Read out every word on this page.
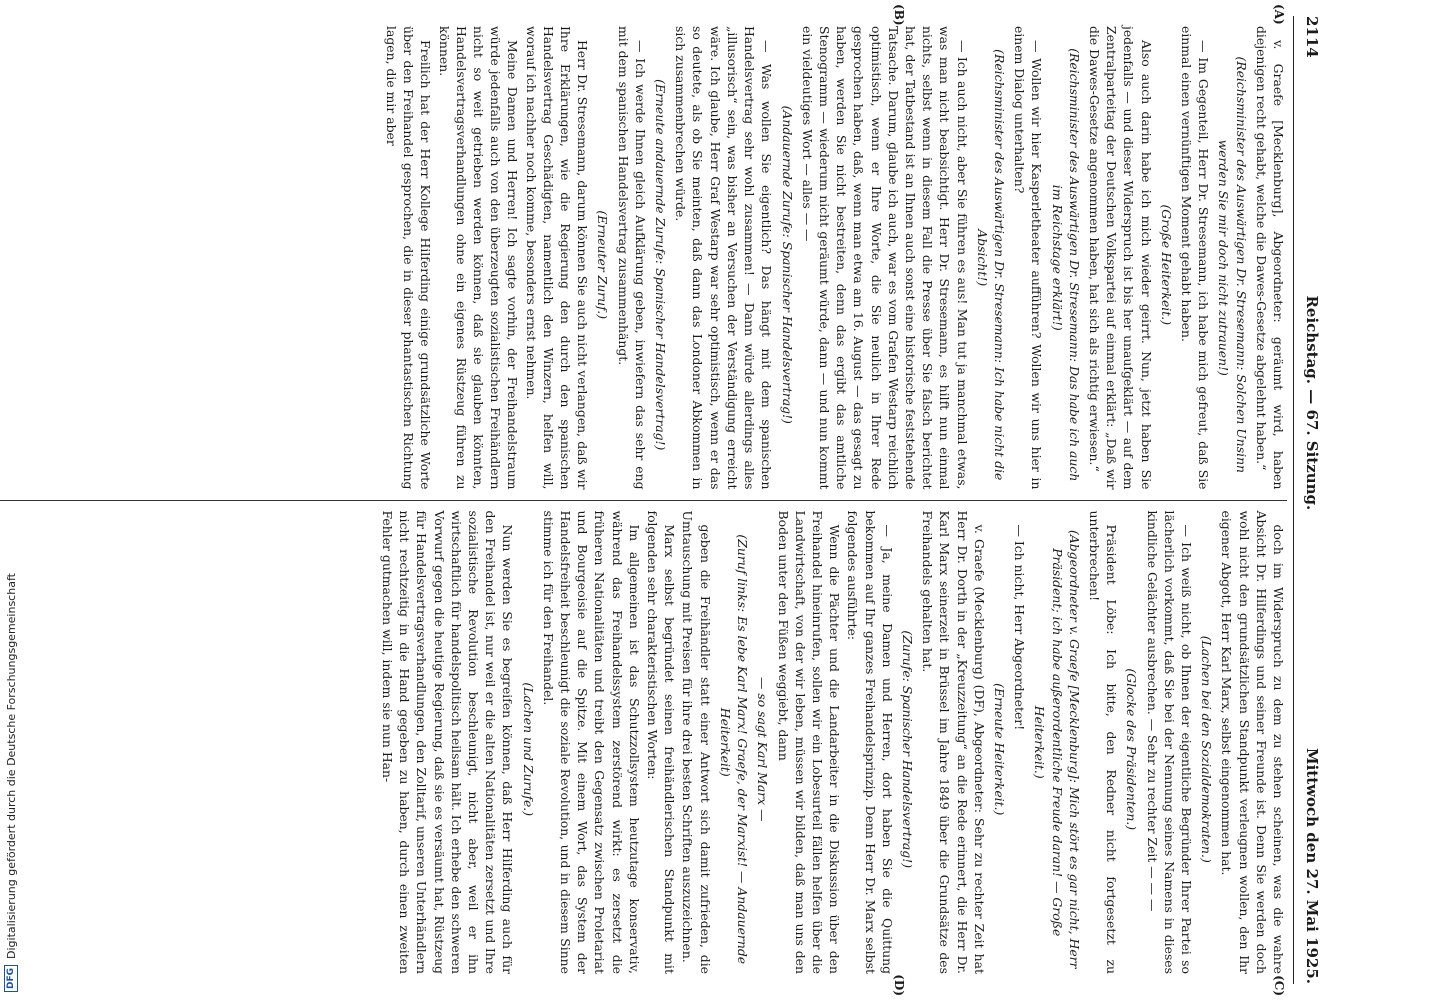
DFG
Digitalisierung gefördert durch die Deutsche Forschungsgemeinschaft
2114
Reichstag. — 67. Sitzung.
Mittwoch den 27. Mai 1925.
(A)
(B)

v. Graefe [Mecklenburg], Abgeordneter: geräumt wird, haben diejenigen recht gehabt, welche die Dawes-Gesetze abgelehnt haben.“

(Reichsminister des Auswärtigen Dr. Stresemann: Solchen Unsinn werden Sie mir doch nicht zutrauen!)

— Im Gegenteil, Herr Dr. Stresemann, ich habe mich gefreut, daß Sie einmal einen vernünftigen Moment gehabt haben.

(Große Heiterkeit.)

Also auch darin habe ich mich wieder geirrt. Nun, jetzt haben Sie jedenfalls — und dieser Widerspruch ist bis her unaufgeklärt — auf dem Zentralparteitag der Deutschen Volkspartei auf einmal erklärt: „Daß wir die Dawes-Gesetze angenommen haben, hat sich als richtig erwiesen.“

(Reichsminister des Auswärtigen Dr. Stresemann: Das habe ich auch im Reichstage erklärt!)

— Wollen wir hier Kasperletheater aufführen? Wollen wir uns hier in einem Dialog unterhalten?

(Reichsminister des Auswärtigen Dr. Stresemann: Ich habe nicht die Absicht!)

— Ich auch nicht, aber Sie führen es aus! Man tut ja manchmal etwas, was man nicht beabsichtigt. Herr Dr. Stresemann, es hilft nun einmal nichts, selbst wenn in diesem Fall die Presse über Sie falsch berichtet hat, der Tatbestand ist an Ihnen auch sonst eine historische feststehende Tatsache. Darum, glaube ich auch, war es vom Grafen Westarp reichlich optimistisch, wenn er Ihre Worte, die Sie neulich in Ihrer Rede gesprochen haben, daß, wenn man etwa am 16. August — das gesagt zu haben, werden Sie nicht bestreiten, denn das ergibt das amtliche Stenogramm — wiederum nicht geräumt würde, dann — und nun kommt ein vieldeutiges Wort — alles — —

(Andauernde Zurufe: Spanischer Handelsvertrag!)

— Was wollen Sie eigentlich? Das hängt mit dem spanischen Handelsvertrag sehr wohl zusammen! — Dann würde allerdings alles „illusorisch“ sein, was bisher an Versuchen der Verständigung erreicht wäre. Ich glaube, Herr Graf Westarp war sehr optimistisch, wenn er das so deutete, als ob Sie meinten, daß dann das Londoner Abkommen in sich zusammenbrechen würde.

(Erneute andauernde Zurufe: Spanischer Handelsvertrag!)

— Ich werde Ihnen gleich Aufklärung geben, inwiefern das sehr eng mit dem spanischen Handelsvertrag zusammenhängt.

(Erneuter Zuruf.)

Herr Dr. Stresemann, darum können Sie auch nicht verlangen, daß wir Ihre Erklärungen, wie die Regierung den durch den spanischen Handelsvertrag Geschädigten, namentlich den Winzern, helfen will, worauf ich nachher noch komme, besonders ernst nehmen.

Meine Damen und Herren! Ich sagte vorhin, der Freihandelstraum würde jedenfalls auch von den überzeugten sozialistischen Freihändlern nicht so weit getrieben werden können, daß sie glauben könnten, Handelsvertragsverhandlungen ohne ein eigenes Rüstzeug führen zu können.

Freilich hat der Herr Kollege Hilferding einige grundsätzliche Worte über den Freihandel gesprochen, die in dieser phantastischen Richtung lagen, die mir aber

(C)
(D)

doch im Widerspruch zu dem zu stehen scheinen, was die wahre Absicht Dr. Hilferdings und seiner Freunde ist. Denn Sie werden doch wohl nicht den grundsätzlichen Standpunkt verleugnen wollen, den Ihr eigener Abgott, Herr Karl Marx, selbst eingenommen hat.

(Lachen bei den Sozialdemokraten.)

— Ich weiß nicht, ob Ihnen der eigentliche Begründer Ihrer Partei so lächerlich vorkommt, daß Sie bei der Nennung seines Namens in dieses kindliche Gelächter ausbrechen. — Sehr zu rechter Zeit — — —

(Glocke des Präsidenten.)

Präsident Löbe: Ich bitte, den Redner nicht fortgesetzt zu unterbrechen!

(Abgeordneter v. Graefe [Mecklenburg]: Mich stört es gar nicht, Herr Präsident; ich habe außerordentliche Freude daran! — Große Heiterkeit.)

— Ich nicht, Herr Abgeordneter!

(Erneute Heiterkeit.)

v. Graefe (Mecklenburg) (DF), Abgeordneter: Sehr zu rechter Zeit hat Herr Dr. Dorth in der „Kreuzzeitung“ an die Rede erinnert, die Herr Dr. Karl Marx seinerzeit in Brüssel im Jahre 1849 über die Grundsätze des Freihandels gehalten hat.

(Zurufe: Spanischer Handelsvertrag!)

— Ja, meine Damen und Herren, dort haben Sie die Quittung bekommen auf Ihr ganzes Freihandelsprinzip. Denn Herr Dr. Marx selbst folgendes ausführte:

Wenn die Pächter und die Landarbeiter in die Diskussion über den Freihandel hineinrufen, sollen wir ein Lobesurteil fällen helfen über die Landwirtschaft, von der wir leben, müssen wir bilden, daß man uns den Boden unter den Füßen weggiebt, dann

— so sagt Karl Marx —

(Zuruf links: Es lebe Karl Marx! Graefe, der Marxist! — Andauernde Heiterkeit)

geben die Freihändler statt einer Antwort sich damit zufrieden, die Umtauschung mit Preisen für ihre drei besten Schriften auszuzeichnen.

Marx selbst begründet seinen freihändlerischen Standpunkt mit folgenden sehr charakteristischen Worten:

Im allgemeinen ist das Schutzzollsystem heutzutage konservativ, während das Freihandelssystem zerstörend wirkt: es zersetzt die früheren Nationalitäten und treibt den Gegensatz zwischen Proletariat und Bourgeoisie auf die Spitze. Mit einem Wort, das System der Handelsfreiheit beschleunigt die soziale Revolution, und in diesem Sinne stimme ich für den Freihandel.

(Lachen und Zurufe.)

Nun werden Sie es begreifen können, daß Herr Hilferding auch für den Freihandel ist, nur weil er die alten Nationalitäten zersetzt und Ihre sozialistische Revolution beschleunigt, nicht aber, weil er ihn wirtschaftlich für handelspolitisch heilsam hält. Ich erhebe den schweren Vorwurf gegen die heutige Regierung, daß sie es versäumt hat, Rüstzeug für Handelsvertragsverhandlungen, den Zolltarif, unseren Unterhändlern nicht rechtzeitig in die Hand gegeben zu haben, durch einen zweiten Fehler gutmachen will, indem sie nun Han-
